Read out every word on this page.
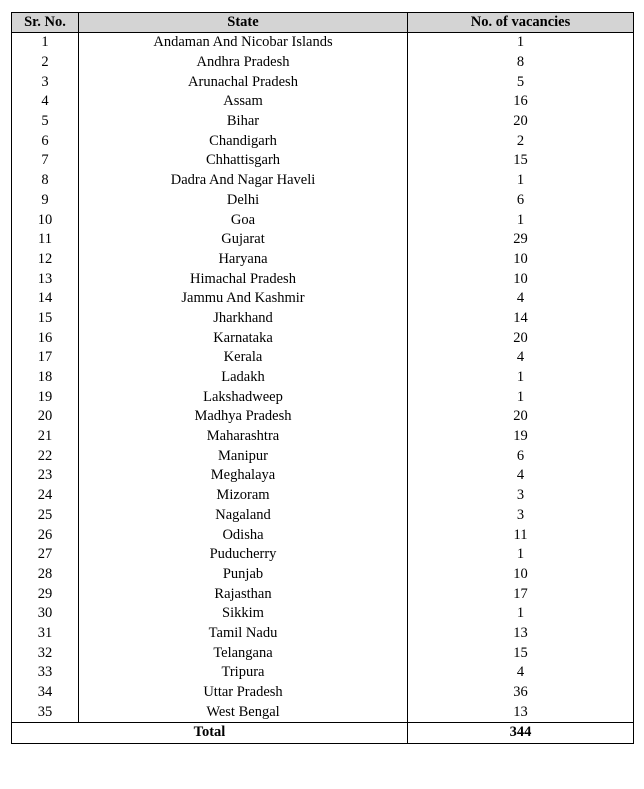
Sr. No.	State	No. of vacancies
1	Andaman And Nicobar Islands	1
2	Andhra Pradesh	8
3	Arunachal Pradesh	5
4	Assam	16
5	Bihar	20
6	Chandigarh	2
7	Chhattisgarh	15
8	Dadra And Nagar Haveli	1
9	Delhi	6
10	Goa	1
11	Gujarat	29
12	Haryana	10
13	Himachal Pradesh	10
14	Jammu And Kashmir	4
15	Jharkhand	14
16	Karnataka	20
17	Kerala	4
18	Ladakh	1
19	Lakshadweep	1
20	Madhya Pradesh	20
21	Maharashtra	19
22	Manipur	6
23	Meghalaya	4
24	Mizoram	3
25	Nagaland	3
26	Odisha	11
27	Puducherry	1
28	Punjab	10
29	Rajasthan	17
30	Sikkim	1
31	Tamil Nadu	13
32	Telangana	15
33	Tripura	4
34	Uttar Pradesh	36
35	West Bengal	13
Total		344
